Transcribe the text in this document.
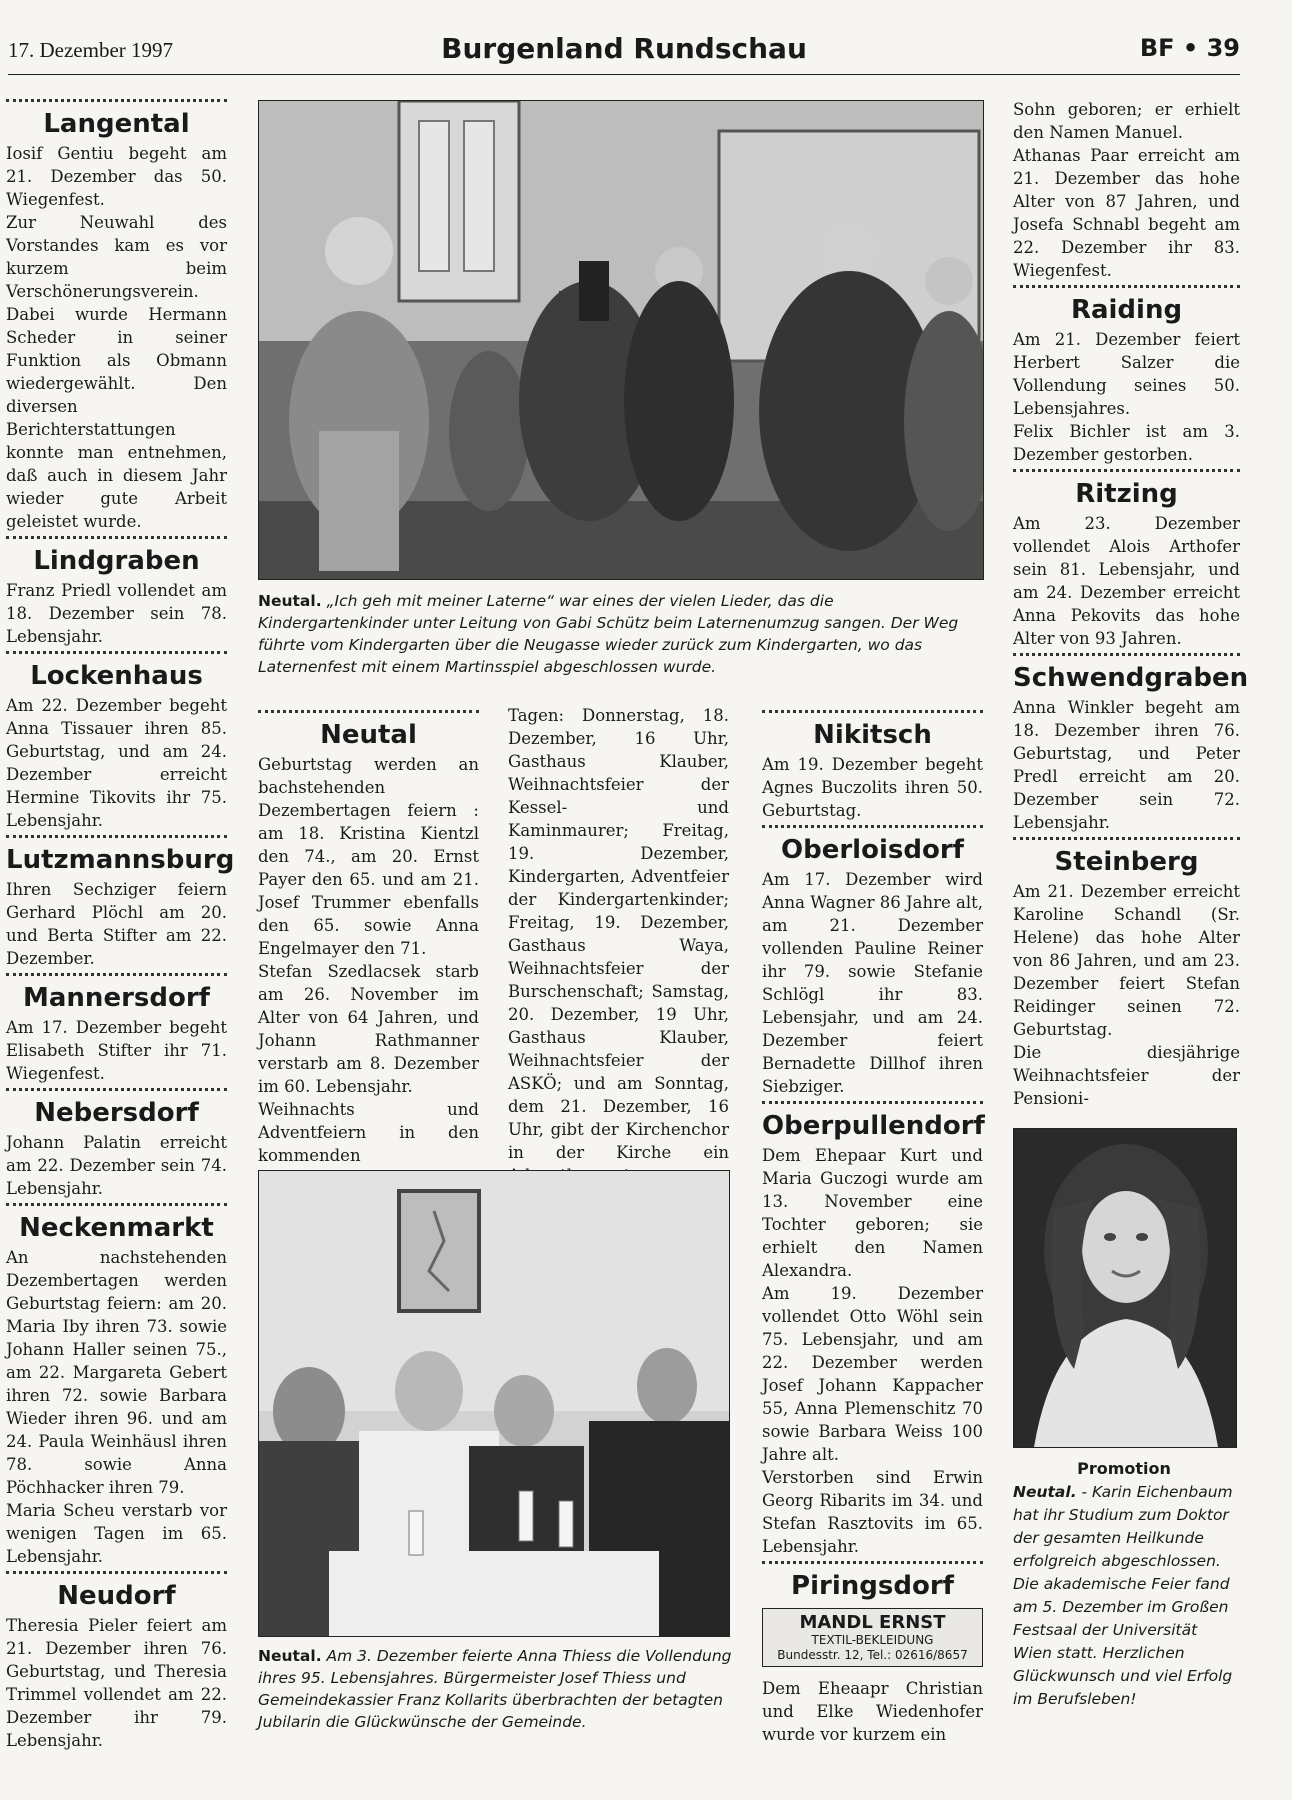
17. Dezember 1997	Burgenland Rundschau	BF • 39
Langental

Iosif Gentiu begeht am 21. Dezember das 50. Wiegenfest.

Zur Neuwahl des Vorstandes kam es vor kurzem beim Verschönerungsverein. Dabei wurde Hermann Scheder in seiner Funktion als Obmann wiedergewählt. Den diversen Berichterstattungen konnte man entnehmen, daß auch in diesem Jahr wieder gute Arbeit geleistet wurde.

Lindgraben

Franz Priedl vollendet am 18. Dezember sein 78. Lebensjahr.

Lockenhaus

Am 22. Dezember begeht Anna Tissauer ihren 85. Geburtstag, und am 24. Dezember erreicht Hermine Tikovits ihr 75. Lebensjahr.

Lutzmannsburg

Ihren Sechziger feiern Gerhard Plöchl am 20. und Berta Stifter am 22. Dezember.

Mannersdorf

Am 17. Dezember begeht Elisabeth Stifter ihr 71. Wiegenfest.

Nebersdorf

Johann Palatin erreicht am 22. Dezember sein 74. Lebensjahr.

Neckenmarkt

An nachstehenden Dezembertagen werden Geburtstag feiern: am 20. Maria Iby ihren 73. sowie Johann Haller seinen 75., am 22. Margareta Gebert ihren 72. sowie Barbara Wieder ihren 96. und am 24. Paula Weinhäusl ihren 78. sowie Anna Pöchhacker ihren 79.

Maria Scheu verstarb vor wenigen Tagen im 65. Lebensjahr.

Neudorf

Theresia Pieler feiert am 21. Dezember ihren 76. Geburtstag, und Theresia Trimmel vollendet am 22. Dezember ihr 79. Lebensjahr.

Neutal. „Ich geh mit meiner Laterne“ war eines der vielen Lieder, das die Kindergartenkinder unter Leitung von Gabi Schütz beim Laternenumzug sangen. Der Weg führte vom Kindergarten über die Neugasse wieder zurück zum Kindergarten, wo das Laternenfest mit einem Martinsspiel abgeschlossen wurde.
Neutal

Geburtstag werden an bachstehenden Dezembertagen feiern : am 18. Kristina Kientzl den 74., am 20. Ernst Payer den 65. und am 21. Josef Trummer ebenfalls den 65. sowie Anna Engelmayer den 71.

Stefan Szedlacsek starb am 26. November im Alter von 64 Jahren, und Johann Rathmanner verstarb am 8. Dezember im 60. Lebensjahr.

Weihnachts und Adventfeiern in den kommenden

Tagen: Donnerstag, 18. Dezember, 16 Uhr, Gasthaus Klauber, Weihnachtsfeier der Kessel- und Kaminmaurer; Freitag, 19. Dezember, Kindergarten, Adventfeier der Kindergartenkinder; Freitag, 19. Dezember, Gasthaus Waya, Weihnachtsfeier der Burschenschaft; Samstag, 20. Dezember, 19 Uhr, Gasthaus Klauber, Weihnachtsfeier der ASKÖ; und am Sonntag, dem 21. Dezember, 16 Uhr, gibt der Kirchenchor in der Kirche ein

Neutal. Am 3. Dezember feierte Anna Thiess die Vollendung ihres 95. Lebensjahres. Bürgermeister Josef Thiess und Gemeindekassier Franz Kollarits überbrachten der betagten Jubilarin die Glückwünsche der Gemeinde.
Nikitsch

Am 19. Dezember begeht Agnes Buczolits ihren 50. Geburtstag.

Oberloisdorf

Am 17. Dezember wird Anna Wagner 86 Jahre alt, am 21. Dezember vollenden Pauline Reiner ihr 79. sowie Stefanie Schlögl ihr 83. Lebensjahr, und am 24. Dezember feiert Bernadette Dillhof ihren Siebziger.

Oberpullendorf

Dem Ehepaar Kurt und Maria Guczogi wurde am 13. November eine Tochter geboren; sie erhielt den Namen Alexandra.

Am 19. Dezember vollendet Otto Wöhl sein 75. Lebensjahr, und am 22. Dezember werden Josef Johann Kappacher 55, Anna Plemenschitz 70 sowie Barbara Weiss 100 Jahre alt.

Verstorben sind Erwin Georg Ribarits im 34. und Stefan Rasztovits im 65. Lebensjahr.

Piringsdorf
MANDL ERNST
TEXTIL-BEKLEIDUNG
Bundesstr. 12, Tel.: 02616/8657

Dem Eheaapr Christian und Elke Wiedenhofer wurde vor kurzem ein

Sohn geboren; er erhielt den Namen Manuel.

Athanas Paar erreicht am 21. Dezember das hohe Alter von 87 Jahren, und Josefa Schnabl begeht am 22. Dezember ihr 83. Wiegenfest.

Raiding

Am 21. Dezember feiert Herbert Salzer die Vollendung seines 50. Lebensjahres.

Felix Bichler ist am 3. Dezember gestorben.

Ritzing

Am 23. Dezember vollendet Alois Arthofer sein 81. Lebensjahr, und am 24. Dezember erreicht Anna Pekovits das hohe Alter von 93 Jahren.

Schwendgraben

Anna Winkler begeht am 18. Dezember ihren 76. Geburtstag, und Peter Predl erreicht am 20. Dezember sein 72. Lebensjahr.

Steinberg

Am 21. Dezember erreicht Karoline Schandl (Sr. Helene) das hohe Alter von 86 Jahren, und am 23. Dezember feiert Stefan Reidinger seinen 72. Geburtstag.

Die diesjährige Weihnachtsfeier der Pensioni-

Promotion
Neutal. - Karin Eichenbaum hat ihr Studium zum Doktor der gesamten Heilkunde erfolgreich abgeschlossen. Die akademische Feier fand am 5. Dezember im Großen Festsaal der Universität Wien statt. Herzlichen Glückwunsch und viel Erfolg im Berufsleben!
